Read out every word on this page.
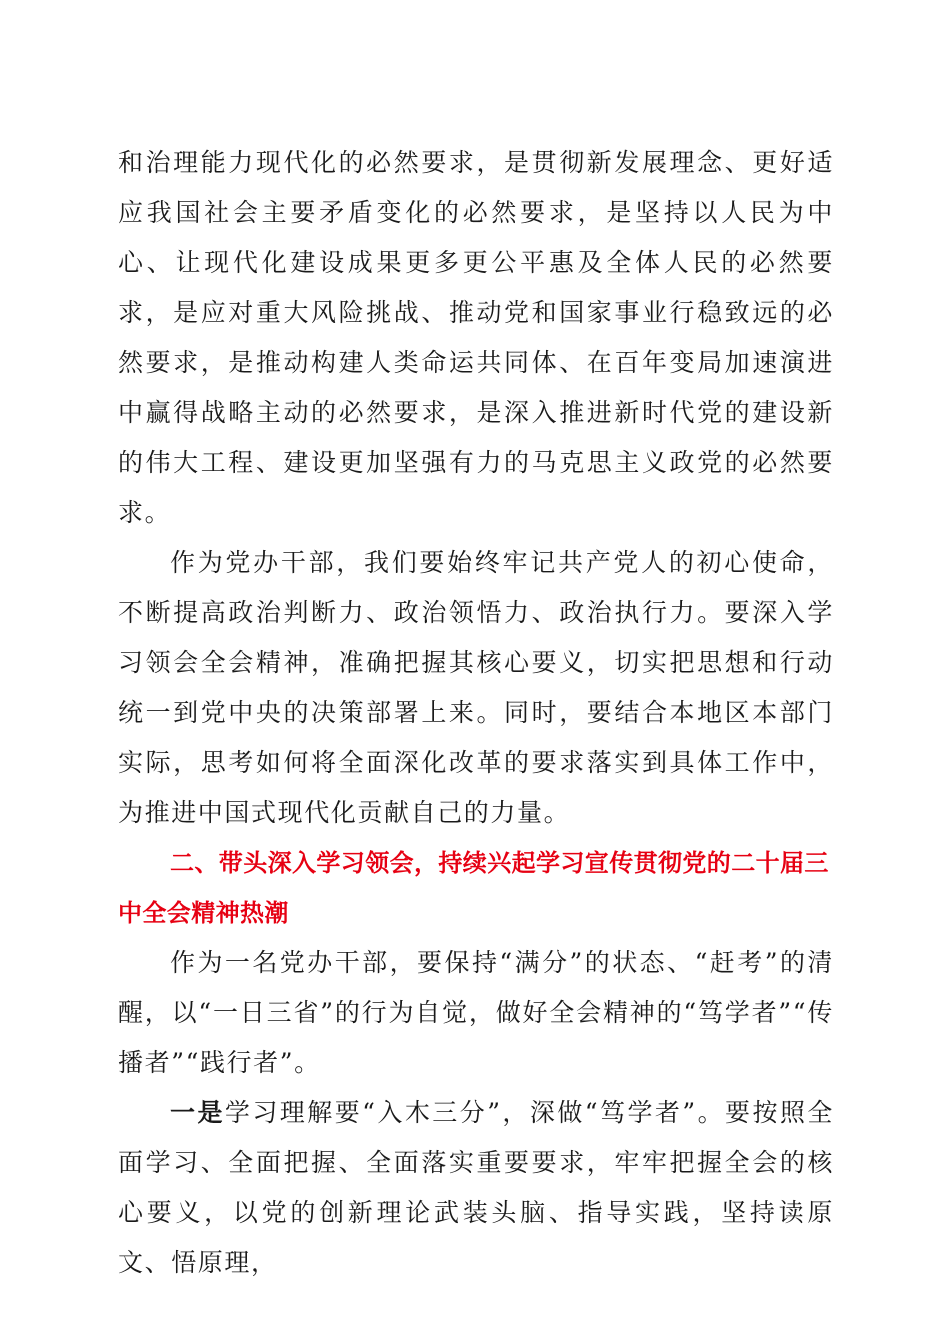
和治理能力现代化的必然要求，是贯彻新发展理念、更好适应我国社会主要矛盾变化的必然要求，是坚持以人民为中心、让现代化建设成果更多更公平惠及全体人民的必然要求，是应对重大风险挑战、推动党和国家事业行稳致远的必然要求，是推动构建人类命运共同体、在百年变局加速演进中赢得战略主动的必然要求，是深入推进新时代党的建设新的伟大工程、建设更加坚强有力的马克思主义政党的必然要求。

作为党办干部，我们要始终牢记共产党人的初心使命，不断提高政治判断力、政治领悟力、政治执行力。要深入学习领会全会精神，准确把握其核心要义，切实把思想和行动统一到党中央的决策部署上来。同时，要结合本地区本部门实际，思考如何将全面深化改革的要求落实到具体工作中，为推进中国式现代化贡献自己的力量。

二、带头深入学习领会，持续兴起学习宣传贯彻党的二十届三中全会精神热潮

作为一名党办干部，要保持“满分”的状态、“赶考”的清醒，以“一日三省”的行为自觉，做好全会精神的“笃学者”“传播者”“践行者”。

一是学习理解要“入木三分”，深做“笃学者”。要按照全面学习、全面把握、全面落实重要要求，牢牢把握全会的核心要义，以党的创新理论武装头脑、指导实践，坚持读原文、悟原理，
